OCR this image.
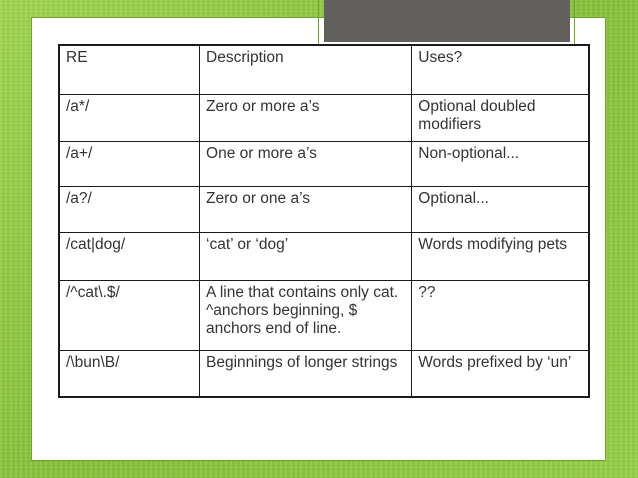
RE	Description	Uses?
/a*/	Zero or more a’s	Optional doubled modifiers
/a+/	One or more a’s	Non-optional...
/a?/	Zero or one a’s	Optional...
/cat|dog/	‘cat’ or ‘dog’	Words modifying pets
/^cat\.$/	A line that contains only cat. ^anchors beginning, $ anchors end of line.	??
/\bun\B/	Beginnings of longer strings	Words prefixed by ‘un’
